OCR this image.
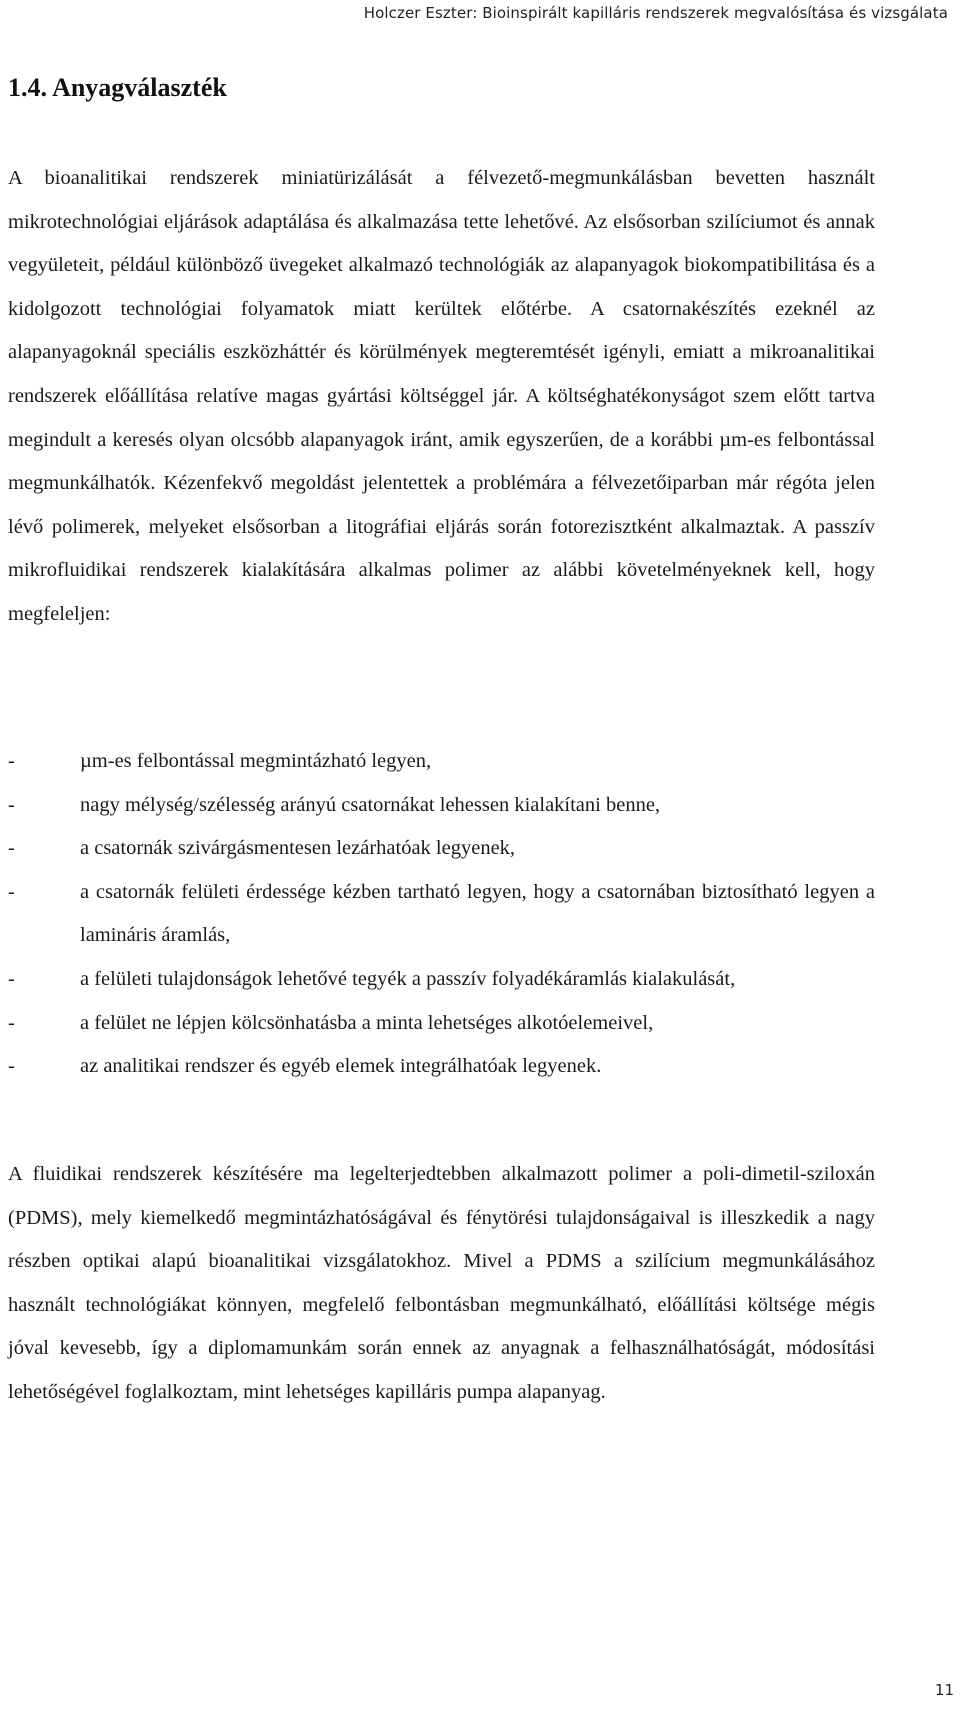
Holczer Eszter: Bioinspirált kapilláris rendszerek megvalósítása és vizsgálata
1.4. Anyagválaszték

A bioanalitikai rendszerek miniatürizálását a félvezető-megmunkálásban bevetten használt mikrotechnológiai eljárások adaptálása és alkalmazása tette lehetővé. Az elsősorban szilíciumot és annak vegyületeit, például különböző üvegeket alkalmazó technológiák az alapanyagok biokompatibilitása és a kidolgozott technológiai folyamatok miatt kerültek előtérbe. A csatornakészítés ezeknél az alapanyagoknál speciális eszközháttér és körülmények megteremtését igényli, emiatt a mikroanalitikai rendszerek előállítása relatíve magas gyártási költséggel jár. A költséghatékonyságot szem előtt tartva megindult a keresés olyan olcsóbb alapanyagok iránt, amik egyszerűen, de a korábbi µm-es felbontással megmunkálhatók. Kézenfekvő megoldást jelentettek a problémára a félvezetőiparban már régóta jelen lévő polimerek, melyeket elsősorban a litográfiai eljárás során fotorezisztként alkalmaztak. A passzív mikrofluidikai rendszerek kialakítására alkalmas polimer az alábbi követelményeknek kell, hogy megfeleljen:

-	µm-es felbontással megmintázható legyen,
-	nagy mélység/szélesség arányú csatornákat lehessen kialakítani benne,
-	a csatornák szivárgásmentesen lezárhatóak legyenek,
-	a csatornák felületi érdessége kézben tartható legyen, hogy a csatornában biztosítható legyen a lamináris áramlás,
-	a felületi tulajdonságok lehetővé tegyék a passzív folyadékáramlás kialakulását,
-	a felület ne lépjen kölcsönhatásba a minta lehetséges alkotóelemeivel,
-	az analitikai rendszer és egyéb elemek integrálhatóak legyenek.

A fluidikai rendszerek készítésére ma legelterjedtebben alkalmazott polimer a poli-dimetil-sziloxán (PDMS), mely kiemelkedő megmintázhatóságával és fénytörési tulajdonságaival is illeszkedik a nagy részben optikai alapú bioanalitikai vizsgálatokhoz. Mivel a PDMS a szilícium megmunkálásához használt technológiákat könnyen, megfelelő felbontásban megmunkálható, előállítási költsége mégis jóval kevesebb, így a diplomamunkám során ennek az anyagnak a felhasználhatóságát, módosítási lehetőségével foglalkoztam, mint lehetséges kapilláris pumpa alapanyag.

11
